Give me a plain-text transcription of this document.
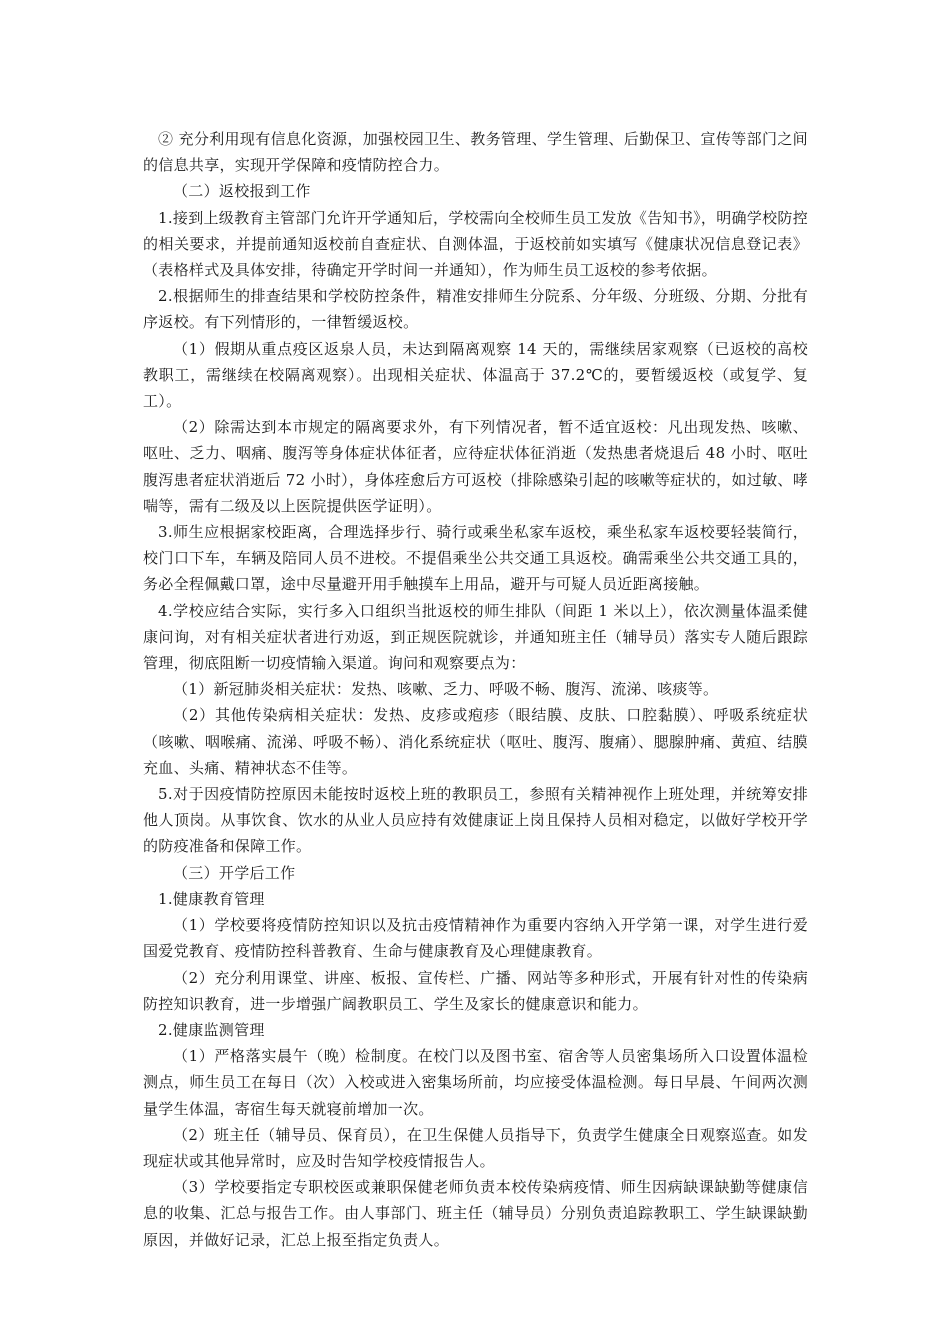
② 充分利用现有信息化资源，加强校园卫生、教务管理、学生管理、后勤保卫、宣传等部门之间的信息共享，实现开学保障和疫情防控合力。

（二）返校报到工作

1.接到上级教育主管部门允许开学通知后，学校需向全校师生员工发放《告知书》，明确学校防控的相关要求，并提前通知返校前自查症状、自测体温，于返校前如实填写《健康状况信息登记表》（表格样式及具体安排，待确定开学时间一并通知），作为师生员工返校的参考依据。

2.根据师生的排查结果和学校防控条件，精准安排师生分院系、分年级、分班级、分期、分批有序返校。有下列情形的，一律暂缓返校。

（1）假期从重点疫区返泉人员，未达到隔离观察 14 天的，需继续居家观察（已返校的高校教职工，需继续在校隔离观察）。出现相关症状、体温高于 37.2℃的，要暂缓返校（或复学、复工）。

（2）除需达到本市规定的隔离要求外，有下列情况者，暂不适宜返校：凡出现发热、咳嗽、呕吐、乏力、咽痛、腹泻等身体症状体征者，应待症状体征消逝（发热患者烧退后 48 小时、呕吐腹泻患者症状消逝后 72 小时），身体痊愈后方可返校（排除感染引起的咳嗽等症状的，如过敏、哮喘等，需有二级及以上医院提供医学证明）。

3.师生应根据家校距离，合理选择步行、骑行或乘坐私家车返校，乘坐私家车返校要轻装简行，校门口下车，车辆及陪同人员不进校。不提倡乘坐公共交通工具返校。确需乘坐公共交通工具的，务必全程佩戴口罩，途中尽量避开用手触摸车上用品，避开与可疑人员近距离接触。

4.学校应结合实际，实行多入口组织当批返校的师生排队（间距 1 米以上），依次测量体温柔健康问询，对有相关症状者进行劝返，到正规医院就诊，并通知班主任（辅导员）落实专人随后跟踪管理，彻底阻断一切疫情输入渠道。询问和观察要点为：

（1）新冠肺炎相关症状：发热、咳嗽、乏力、呼吸不畅、腹泻、流涕、咳痰等。

（2）其他传染病相关症状：发热、皮疹或疱疹（眼结膜、皮肤、口腔黏膜）、呼吸系统症状（咳嗽、咽喉痛、流涕、呼吸不畅）、消化系统症状（呕吐、腹泻、腹痛）、腮腺肿痛、黄疸、结膜充血、头痛、精神状态不佳等。

5.对于因疫情防控原因未能按时返校上班的教职员工，参照有关精神视作上班处理，并统筹安排他人顶岗。从事饮食、饮水的从业人员应持有效健康证上岗且保持人员相对稳定，以做好学校开学的防疫准备和保障工作。

（三）开学后工作

1.健康教育管理

（1）学校要将疫情防控知识以及抗击疫情精神作为重要内容纳入开学第一课，对学生进行爱国爱党教育、疫情防控科普教育、生命与健康教育及心理健康教育。

（2）充分利用课堂、讲座、板报、宣传栏、广播、网站等多种形式，开展有针对性的传染病防控知识教育，进一步增强广阔教职员工、学生及家长的健康意识和能力。

2.健康监测管理

（1）严格落实晨午（晚）检制度。在校门以及图书室、宿舍等人员密集场所入口设置体温检测点，师生员工在每日（次）入校或进入密集场所前，均应接受体温检测。每日早晨、午间两次测量学生体温，寄宿生每天就寝前增加一次。

（2）班主任（辅导员、保育员），在卫生保健人员指导下，负责学生健康全日观察巡查。如发现症状或其他异常时，应及时告知学校疫情报告人。

（3）学校要指定专职校医或兼职保健老师负责本校传染病疫情、师生因病缺课缺勤等健康信息的收集、汇总与报告工作。由人事部门、班主任（辅导员）分别负责追踪教职工、学生缺课缺勤原因，并做好记录，汇总上报至指定负责人。
